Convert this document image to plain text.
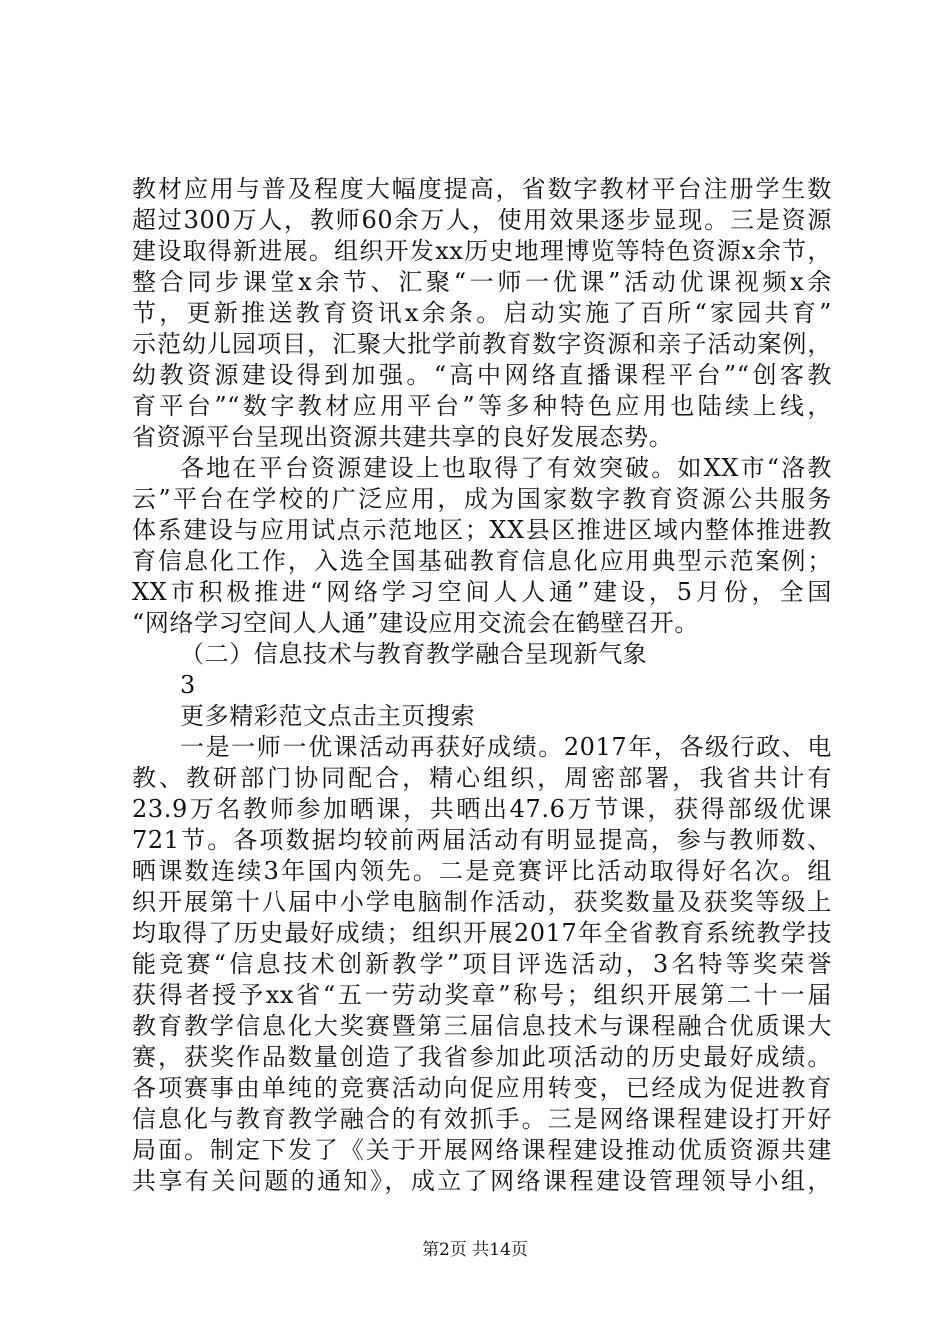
教材应用与普及程度大幅度提高，省数字教材平台注册学生数
超过300万人，教师60余万人，使用效果逐步显现。三是资源
建设取得新进展。组织开发xx历史地理博览等特色资源x余节，
整合同步课堂x余节、汇聚“一师一优课”活动优课视频x余
节，更新推送教育资讯x余条。启动实施了百所“家园共育”
示范幼儿园项目，汇聚大批学前教育数字资源和亲子活动案例，
幼教资源建设得到加强。“高中网络直播课程平台”“创客教
育平台”“数字教材应用平台”等多种特色应用也陆续上线，
省资源平台呈现出资源共建共享的良好发展态势。
各地在平台资源建设上也取得了有效突破。如XX市“洛教
云”平台在学校的广泛应用，成为国家数字教育资源公共服务
体系建设与应用试点示范地区；XX县区推进区域内整体推进教
育信息化工作，入选全国基础教育信息化应用典型示范案例；
XX市积极推进“网络学习空间人人通”建设，5月份，全国
“网络学习空间人人通”建设应用交流会在鹤壁召开。
（二）信息技术与教育教学融合呈现新气象
3
更多精彩范文点击主页搜索
一是一师一优课活动再获好成绩。2017年，各级行政、电
教、教研部门协同配合，精心组织，周密部署，我省共计有
23.9万名教师参加晒课，共晒出47.6万节课，获得部级优课
721节。各项数据均较前两届活动有明显提高，参与教师数、
晒课数连续3年国内领先。二是竞赛评比活动取得好名次。组
织开展第十八届中小学电脑制作活动，获奖数量及获奖等级上
均取得了历史最好成绩；组织开展2017年全省教育系统教学技
能竞赛“信息技术创新教学”项目评选活动，3名特等奖荣誉
获得者授予xx省“五一劳动奖章”称号；组织开展第二十一届
教育教学信息化大奖赛暨第三届信息技术与课程融合优质课大
赛，获奖作品数量创造了我省参加此项活动的历史最好成绩。
各项赛事由单纯的竞赛活动向促应用转变，已经成为促进教育
信息化与教育教学融合的有效抓手。三是网络课程建设打开好
局面。制定下发了《关于开展网络课程建设推动优质资源共建
共享有关问题的通知》，成立了网络课程建设管理领导小组，
第2页 共14页
